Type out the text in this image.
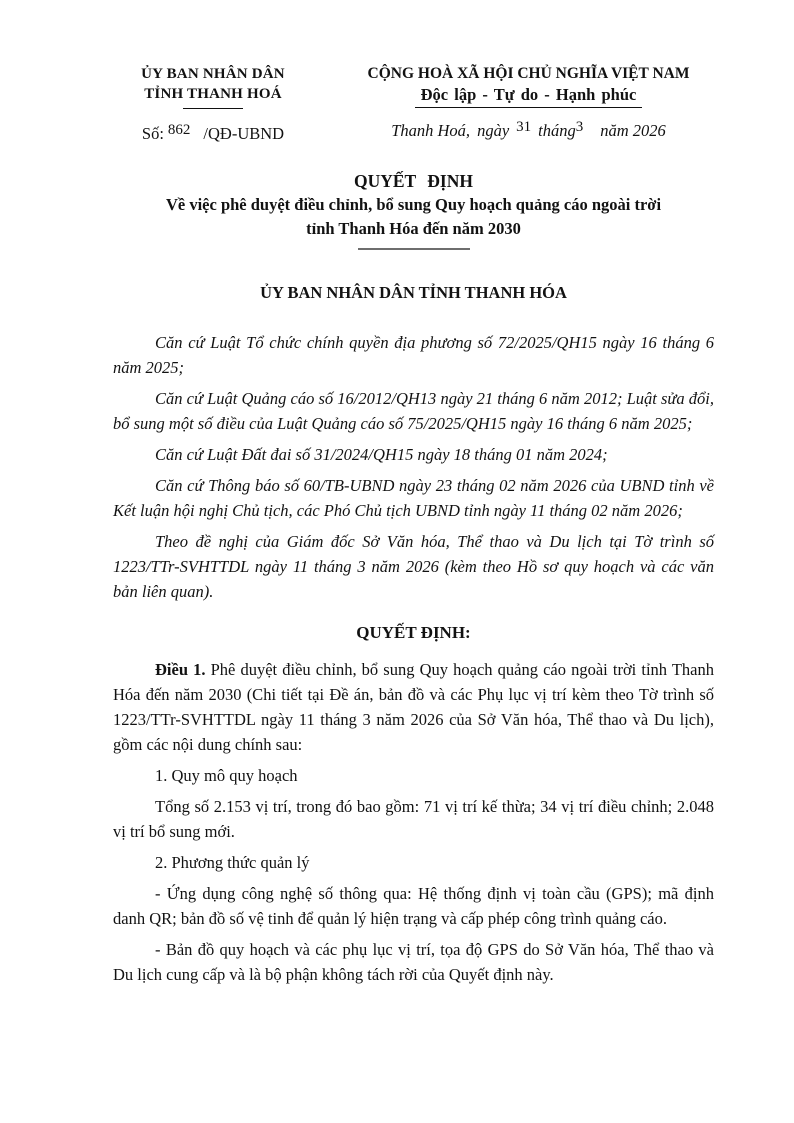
ỦY BAN NHÂN DÂN
TỈNH THANH HOÁ
Số: 862 /QĐ-UBND
CỘNG HOÀ XÃ HỘI CHỦ NGHĨA VIỆT NAM
Độc lập - Tự do - Hạnh phúc
Thanh Hoá, ngày 31 tháng3 năm 2026
QUYẾT ĐỊNH
Về việc phê duyệt điều chỉnh, bổ sung Quy hoạch quảng cáo ngoài trời
tỉnh Thanh Hóa đến năm 2030
ỦY BAN NHÂN DÂN TỈNH THANH HÓA

Căn cứ Luật Tổ chức chính quyền địa phương số 72/2025/QH15 ngày 16 tháng 6 năm 2025;

Căn cứ Luật Quảng cáo số 16/2012/QH13 ngày 21 tháng 6 năm 2012; Luật sửa đổi, bổ sung một số điều của Luật Quảng cáo số 75/2025/QH15 ngày 16 tháng 6 năm 2025;

Căn cứ Luật Đất đai số 31/2024/QH15 ngày 18 tháng 01 năm 2024;

Căn cứ Thông báo số 60/TB-UBND ngày 23 tháng 02 năm 2026 của UBND tỉnh về Kết luận hội nghị Chủ tịch, các Phó Chủ tịch UBND tỉnh ngày 11 tháng 02 năm 2026;

Theo đề nghị của Giám đốc Sở Văn hóa, Thể thao và Du lịch tại Tờ trình số 1223/TTr-SVHTTDL ngày 11 tháng 3 năm 2026 (kèm theo Hồ sơ quy hoạch và các văn bản liên quan).

QUYẾT ĐỊNH:

Điều 1. Phê duyệt điều chỉnh, bổ sung Quy hoạch quảng cáo ngoài trời tỉnh Thanh Hóa đến năm 2030 (Chi tiết tại Đề án, bản đồ và các Phụ lục vị trí kèm theo Tờ trình số 1223/TTr-SVHTTDL ngày 11 tháng 3 năm 2026 của Sở Văn hóa, Thể thao và Du lịch), gồm các nội dung chính sau:

1. Quy mô quy hoạch

Tổng số 2.153 vị trí, trong đó bao gồm: 71 vị trí kế thừa; 34 vị trí điều chỉnh; 2.048 vị trí bổ sung mới.

2. Phương thức quản lý

- Ứng dụng công nghệ số thông qua: Hệ thống định vị toàn cầu (GPS); mã định danh QR; bản đồ số vệ tinh để quản lý hiện trạng và cấp phép công trình quảng cáo.

- Bản đồ quy hoạch và các phụ lục vị trí, tọa độ GPS do Sở Văn hóa, Thể thao và Du lịch cung cấp và là bộ phận không tách rời của Quyết định này.
